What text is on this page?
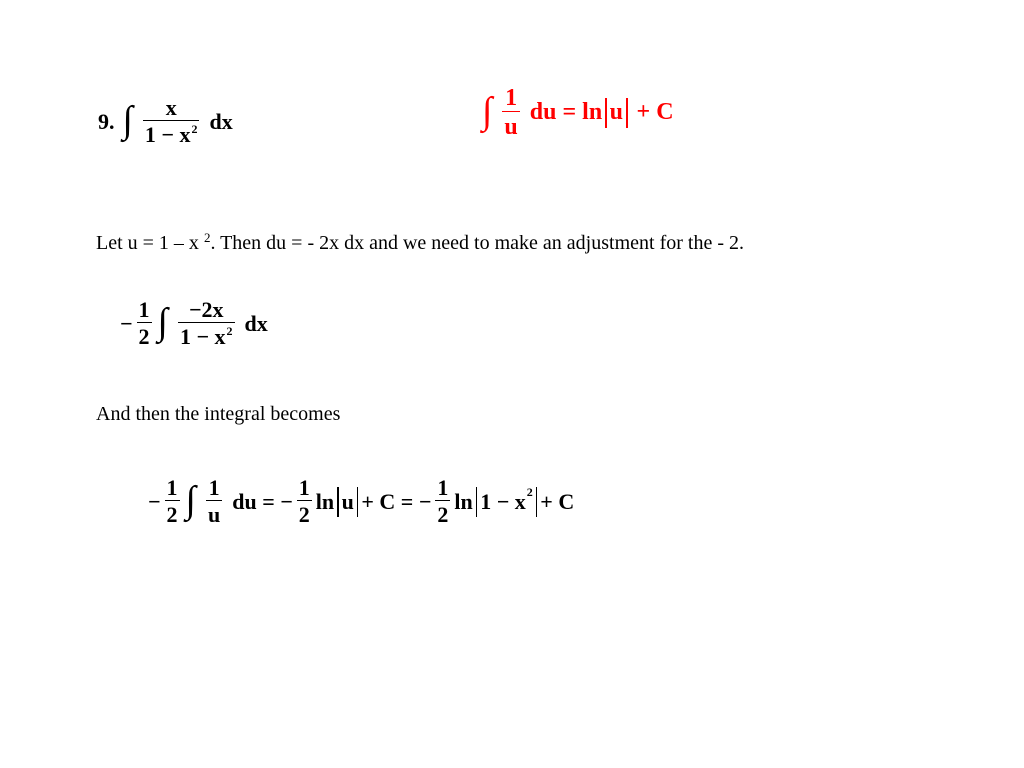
9. ∫ $\frac{x}{1 - x^2}$ dx	∫ $\frac{1}{u}$ du = ln u + C
Let u = 1 – x $^2$. Then du = - 2x dx and we need to make an adjustment for the - 2.
− $\frac{1}{2}$ ∫ $\frac{-2x}{1 - x^2}$ dx
And then the integral becomes
− $\frac{1}{2}$ ∫ $\frac{1}{u}$ du = − $\frac{1}{2}$ ln u + C = − $\frac{1}{2}$ ln 1 − x 2 + C
